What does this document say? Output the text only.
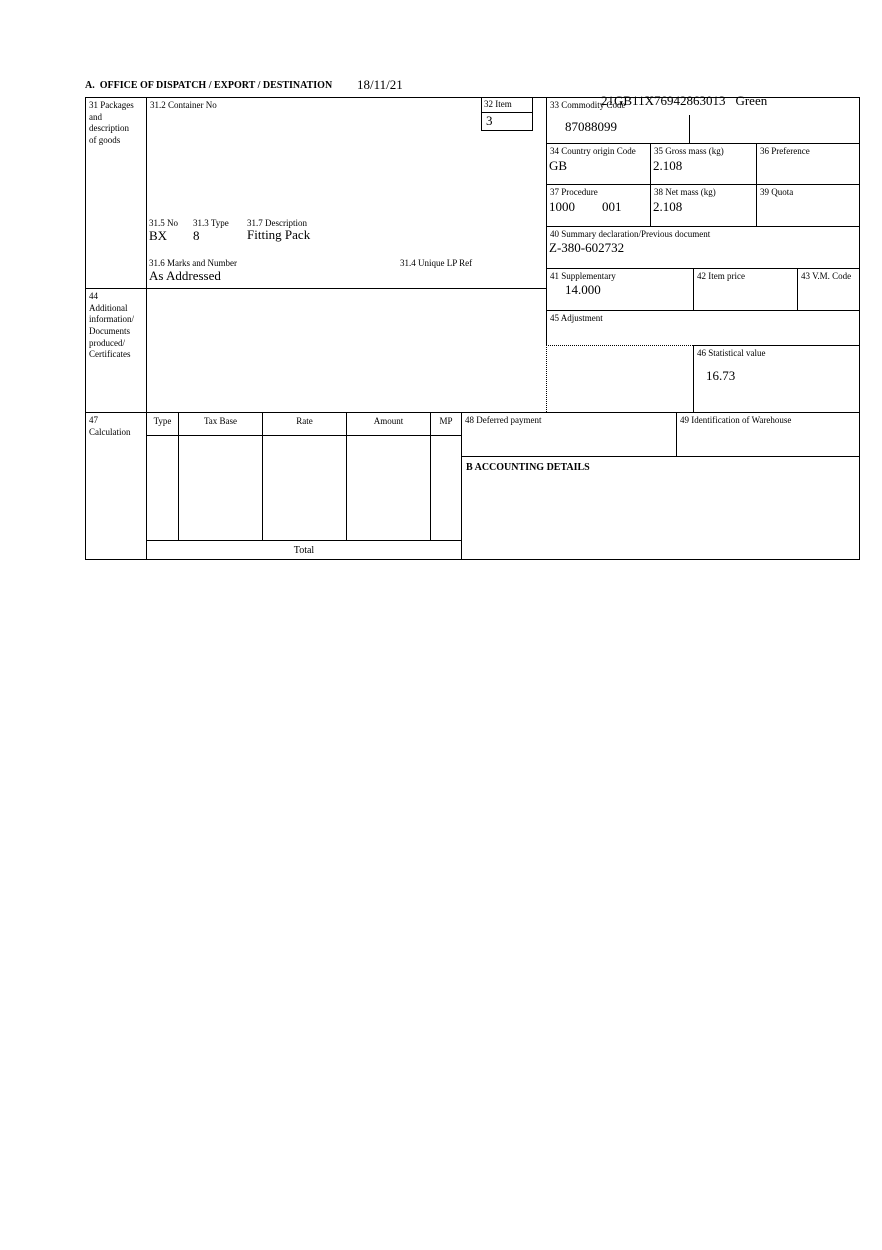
A.  OFFICE OF DISPATCH / EXPORT / DESTINATION 18/11/21

21GB11X76942863013 Green

31 Packages
and
description
of goods
44
Additional
information/
Documents
produced/
Certificates
47
Calculation
31.2 Container No
31.5 No 31.3 Type 31.7 Description
BX 8	Fitting Pack
31.6 Marks and Number	31.4 Unique LP Ref
As Addressed
32 Item
3
33 Commodity Code
87088099
34 Country origin Code
GB
35 Gross mass (kg)
2.108
36 Preference
37 Procedure
1000 001
38 Net mass (kg)
2.108
39 Quota
40 Summary declaration/Previous document
Z-380-602732
41 Supplementary
14.000
42 Item price	43 V.M. Code
45 Adjustment
46 Statistical value
16.73
Type	Tax Base	Rate	Amount	MP
Total
48 Deferred payment	49 Identification of Warehouse
B ACCOUNTING DETAILS
